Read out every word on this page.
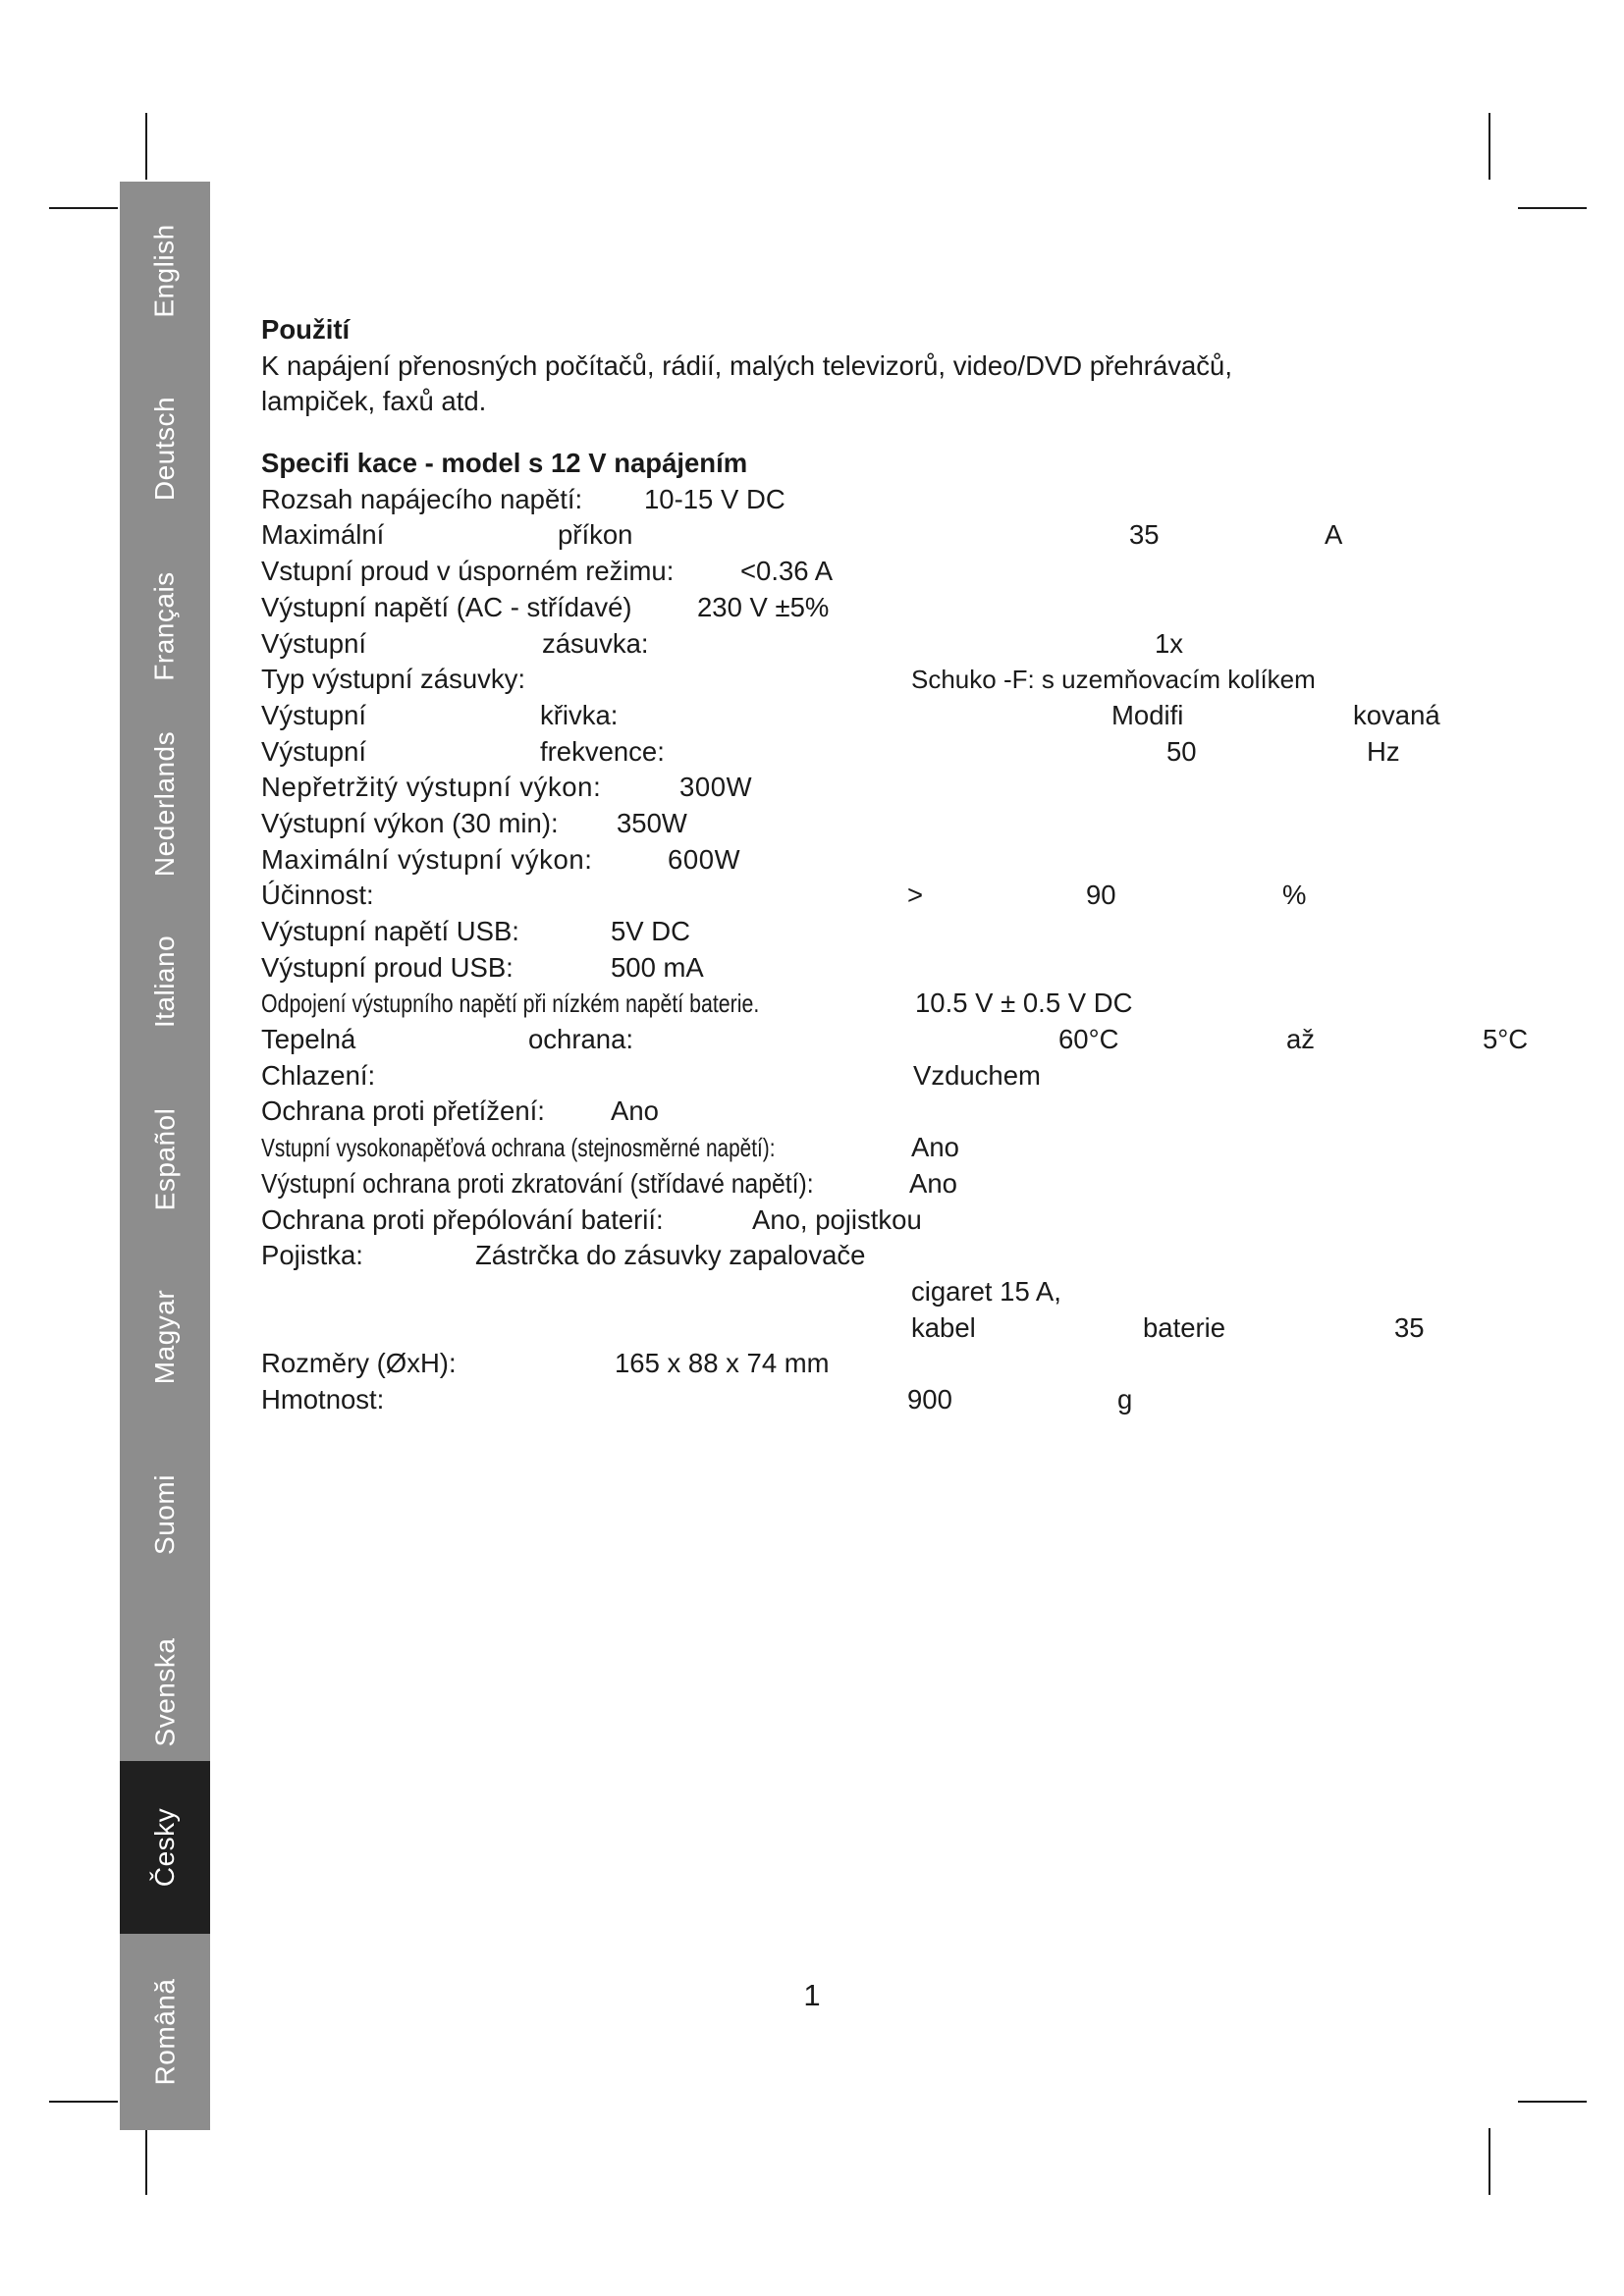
English
Deutsch
Français
Nederlands
Italiano
Español
Magyar
Suomi
Svenska
Česky
Română
Použití
K napájení přenosných počítačů, rádií, malých televizorů, video/DVD přehrávačů,
lampiček, faxů atd.
Specifi kace - model s 12 V napájením
Rozsah napájecího napětí: 10-15 V DC
Maximální	příkon	35	A
Vstupní proud v úsporném režimu: <0.36 A
Výstupní napětí (AC - střídavé) 230 V ±5%
Výstupní	zásuvka:	1x
Typ výstupní zásuvky:	Schuko -F: s uzemňovacím kolíkem
Výstupní	křivka:	Modifi	kovaná
Výstupní	frekvence:	50	Hz
Nepřetržitý výstupní výkon:	300W
Výstupní výkon (30 min): 350W
Maximální výstupní výkon:	600W
Účinnost:	>	90	%
Výstupní napětí USB:	5V DC
Výstupní proud USB:	500 mA
Odpojení výstupního napětí při nízkém napětí baterie.	10.5 V ± 0.5 V DC
Tepelná	ochrana:	60°C	až	5°C
Chlazení:	Vzduchem
Ochrana proti přetížení: Ano
Vstupní vysokonapěťová ochrana (stejnosměrné napětí):	Ano
Výstupní ochrana proti zkratování (střídavé napětí):	Ano
Ochrana proti přepólování baterií:	Ano, pojistkou
Pojistka:	Zástrčka do zásuvky zapalovače
cigaret 15 A,
kabel	baterie	35
Rozměry (ØxH):	165 x 88 x 74 mm
Hmotnost:	900	g
1
